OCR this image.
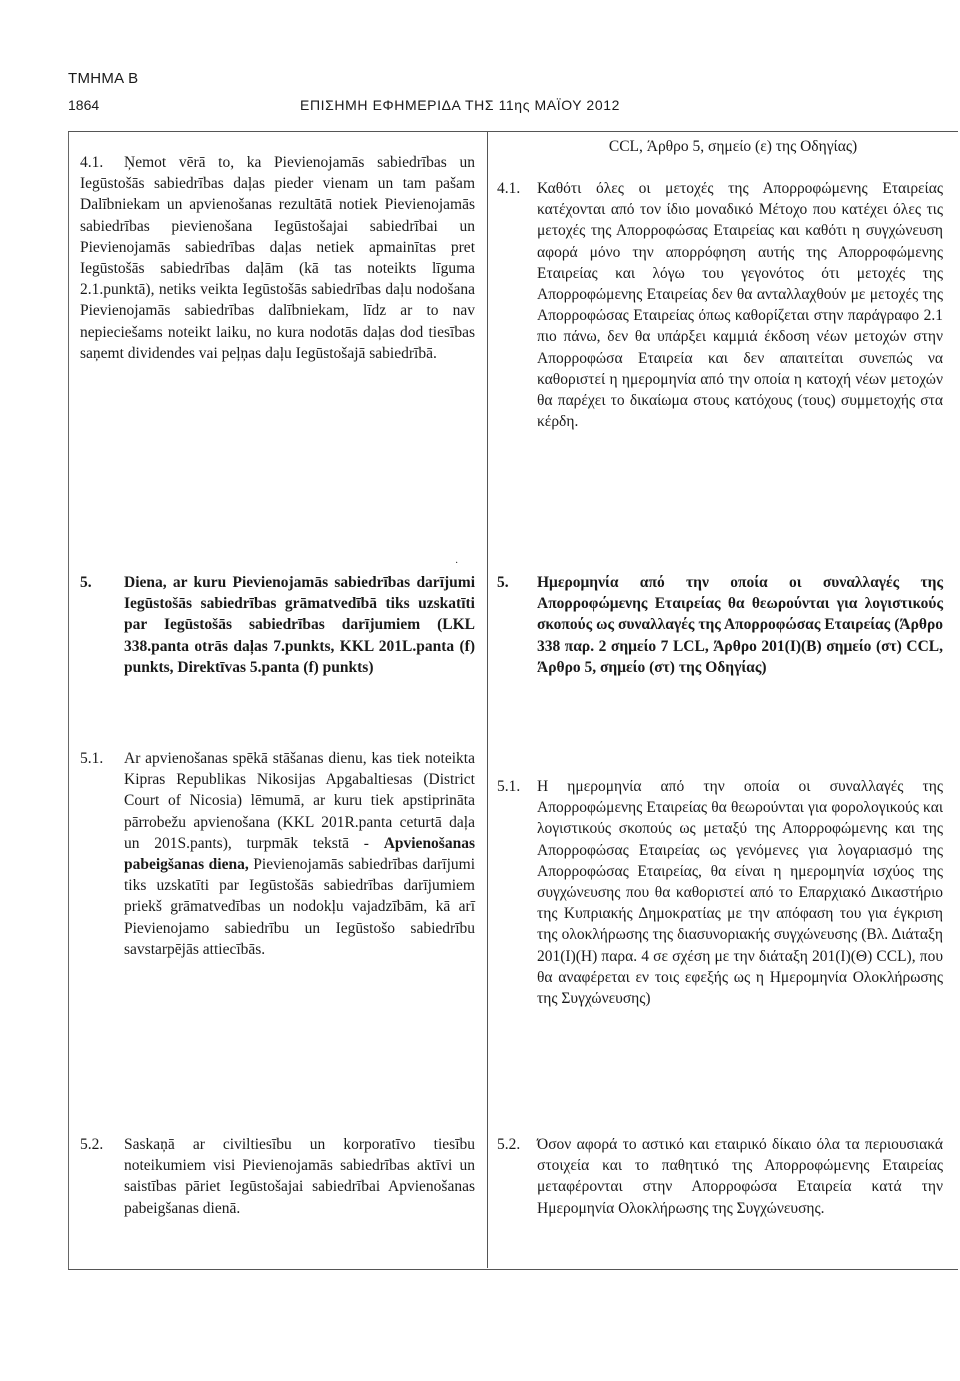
ΤΜΗΜΑ Β
1864	ΕΠΙΣΗΜΗ ΕΦΗΜΕΡΙΔΑ ΤΗΣ 11ης ΜΑΪΟΥ 2012
CCL, Άρθρο 5, σημείο (ε) της Οδηγίας)
Ņemot vērā to, ka Pievienojamās sabiedrības un Iegūstošās sabiedrības daļas pieder vienam un tam pašam Dalībniekam un apvienošanas rezultātā notiek Pievienojamās sabiedrības pievienošana Iegūstošajai sabiedrībai un Pievienojamās sabiedrības daļas netiek apmainītas pret Iegūstošās sabiedrības daļām (kā tas noteikts līguma 2.1.punktā), netiks veikta Iegūstošās sabiedrības daļu nodošana Pievienojamās sabiedrības dalībniekam, līdz ar to nav nepieciešams noteikt laiku, no kura nodotās daļas dod tiesības saņemt dividendes vai peļņas daļu Iegūstošajā sabiedrībā.
4.1.
·
5. Diena, ar kuru Pievienojamās sabiedrības darījumi Iegūstošās sabiedrības grāmatvedībā tiks uzskatīti par Iegūstošās sabiedrības darījumiem (LKL 338.panta otrās daļas 7.punkts, KKL 201L.panta (f) punkts, Direktīvas 5.panta (f) punkts)
5.1. Ar apvienošanas spēkā stāšanas dienu, kas tiek noteikta Kipras Republikas Nikosijas Apgabaltiesas (District Court of Nicosia) lēmumā, ar kuru tiek apstiprināta pārrobežu apvienošana (KKL 201R.panta ceturtā daļa un 201S.pants), turpmāk tekstā - Apvienošanas pabeigšanas diena, Pievienojamās sabiedrības darījumi tiks uzskatīti par Iegūstošās sabiedrības darījumiem priekš grāmatvedības un nodokļu vajadzībām, kā arī Pievienojamo sabiedrību un Iegūstošo sabiedrību savstarpējās attiecībās.
5.2. Saskaņā ar civiltiesību un korporatīvo tiesību noteikumiem visi Pievienojamās sabiedrības aktīvi un saistības pāriet Iegūstošajai sabiedrībai Apvienošanas pabeigšanas dienā.
4.1. Καθότι όλες οι μετοχές της Απορροφώμενης Εταιρείας κατέχονται από τον ίδιο μοναδικό Μέτοχο που κατέχει όλες τις μετοχές της Απορροφώσας Εταιρείας και καθότι η συγχώνευση αφορά μόνο την απορρόφηση αυτής της Απορροφώμενης Εταιρείας και λόγω του γεγονότος ότι μετοχές της Απορροφώμενης Εταιρείας δεν θα ανταλλαχθούν με μετοχές της Απορροφώσας Εταιρείας όπως καθορίζεται στην παράγραφο 2.1 πιο πάνω, δεν θα υπάρξει καμμιά έκδοση νέων μετοχών στην Απορροφώσα Εταιρεία και δεν απαιτείται συνεπώς να καθοριστεί η ημερομηνία από την οποία η κατοχή νέων μετοχών θα παρέχει το δικαίωμα στους κατόχους (τους) συμμετοχής στα κέρδη.
5. Ημερομηνία από την οποία οι συναλλαγές της Απορροφώμενης Εταιρείας θα θεωρούνται για λογιστικούς σκοπούς ως συναλλαγές της Απορροφώσας Εταιρείας (Άρθρο 338 παρ. 2 σημείο 7 LCL, Άρθρο 201(Ι)(Β) σημείο (στ) CCL, Άρθρο 5, σημείο (στ) της Οδηγίας)
5.1. Η ημερομηνία από την οποία οι συναλλαγές της Απορροφώμενης Εταιρείας θα θεωρούνται για φορολογικούς και λογιστικούς σκοπούς ως μεταξύ της Απορροφώμενης και της Απορροφώσας Εταιρείας ως γενόμενες για λογαριασμό της Απορροφώσας Εταιρείας, θα είναι η ημερομηνία ισχύος της συγχώνευσης που θα καθοριστεί από το Επαρχιακό Δικαστήριο της Κυπριακής Δημοκρατίας με την απόφαση του για έγκριση της ολοκλήρωσης της διασυνοριακής συγχώνευσης (Βλ. Διάταξη 201(Ι)(Η) παρα. 4 σε σχέση με την διάταξη 201(Ι)(Θ) CCL), που θα αναφέρεται εν τοις εφεξής ως η Ημερομηνία Ολοκλήρωσης της Συγχώνευσης)
5.2. Όσον αφορά το αστικό και εταιρικό δίκαιο όλα τα περιουσιακά στοιχεία και το παθητικό της Απορροφώμενης Εταιρείας μεταφέρονται στην Απορροφώσα Εταιρεία κατά την Ημερομηνία Ολοκλήρωσης της Συγχώνευσης.
